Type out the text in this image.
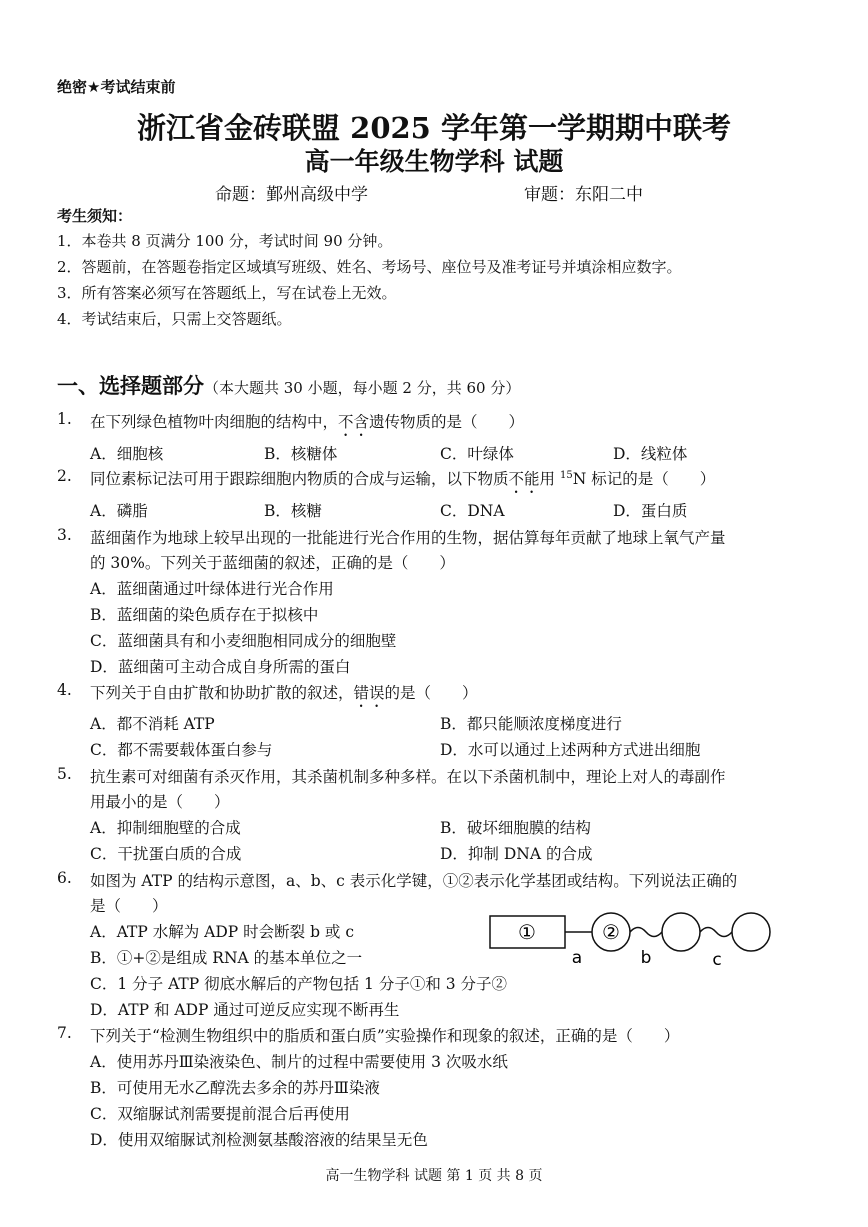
绝密★考试结束前
浙江省金砖联盟 2025 学年第一学期期中联考
高一年级生物学科 试题
命题：鄞州高级中学	审题：东阳二中
考生须知：
1．本卷共 8 页满分 100 分，考试时间 90 分钟。
2．答题前，在答题卷指定区域填写班级、姓名、考场号、座位号及准考证号并填涂相应数字。
3．所有答案必须写在答题纸上，写在试卷上无效。
4．考试结束后，只需上交答题纸。
一、选择题部分（本大题共 30 小题，每小题 2 分，共 60 分）
1. 在下列绿色植物叶肉细胞的结构中，不含遗传物质的是（　　）
A．细胞核	B．核糖体	C．叶绿体	D．线粒体
2. 同位素标记法可用于跟踪细胞内物质的合成与运输，以下物质不能用 $^{15}$N 标记的是（　　）
A．磷脂	B．核糖	C．DNA	D．蛋白质
3. 蓝细菌作为地球上较早出现的一批能进行光合作用的生物，据估算每年贡献了地球上氧气产量
的 30%。下列关于蓝细菌的叙述，正确的是（　　）
A．蓝细菌通过叶绿体进行光合作用
B．蓝细菌的染色质存在于拟核中
C．蓝细菌具有和小麦细胞相同成分的细胞壁
D．蓝细菌可主动合成自身所需的蛋白
4. 下列关于自由扩散和协助扩散的叙述，错误的是（　　）
A．都不消耗 ATP	B．都只能顺浓度梯度进行
C．都不需要载体蛋白参与	D．水可以通过上述两种方式进出细胞
5. 抗生素可对细菌有杀灭作用，其杀菌机制多种多样。在以下杀菌机制中，理论上对人的毒副作
用最小的是（　　）
A．抑制细胞壁的合成	B．破坏细胞膜的结构
C．干扰蛋白质的合成	D．抑制 DNA 的合成
6. 如图为 ATP 的结构示意图，a、b、c 表示化学键，①②表示化学基团或结构。下列说法正确的
是（　　）
A．ATP 水解为 ADP 时会断裂 b 或 c
B．①+②是组成 RNA 的基本单位之一
C．1 分子 ATP 彻底水解后的产物包括 1 分子①和 3 分子②
D．ATP 和 ADP 通过可逆反应实现不断再生
①	②
a	b	c
7. 下列关于“检测生物组织中的脂质和蛋白质”实验操作和现象的叙述，正确的是（　　）
A．使用苏丹Ⅲ染液染色、制片的过程中需要使用 3 次吸水纸
B．可使用无水乙醇洗去多余的苏丹Ⅲ染液
C．双缩脲试剂需要提前混合后再使用
D．使用双缩脲试剂检测氨基酸溶液的结果呈无色
高一生物学科 试题 第 1 页 共 8 页
